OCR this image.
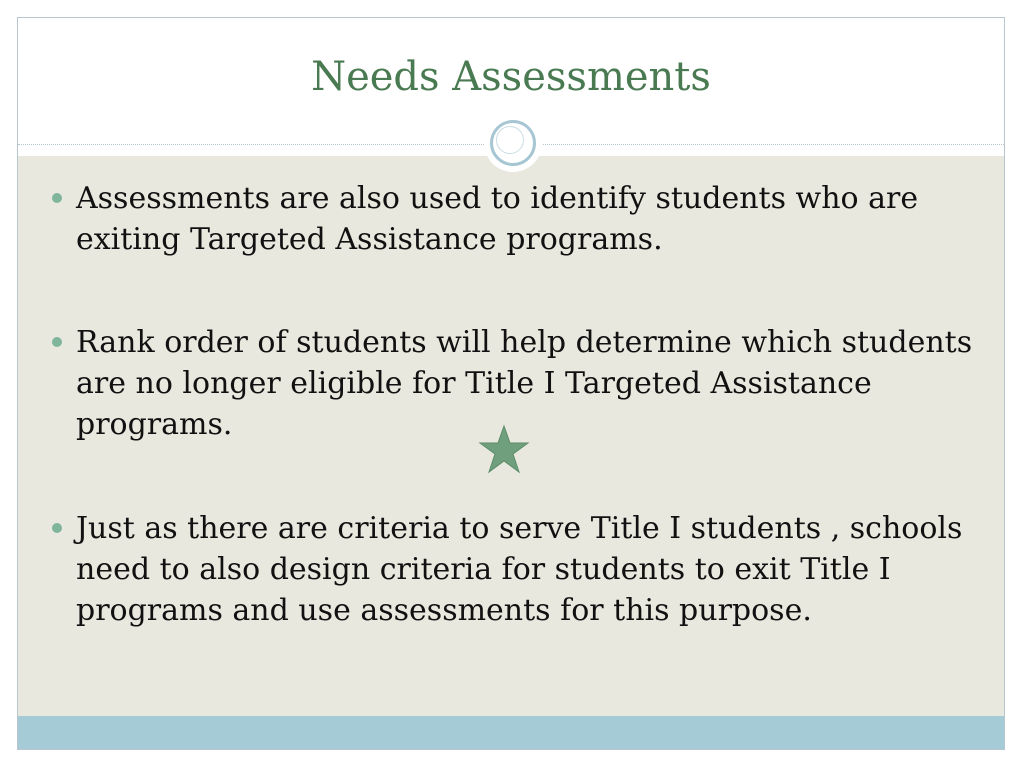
Needs Assessments
Assessments are also used to identify students who are exiting Targeted Assistance programs.
Rank order of students will help determine which students are no longer eligible for Title I Targeted Assistance programs.
Just as there are criteria to serve Title I students , schools need to also design criteria for students to exit Title I programs and use assessments for this purpose.
